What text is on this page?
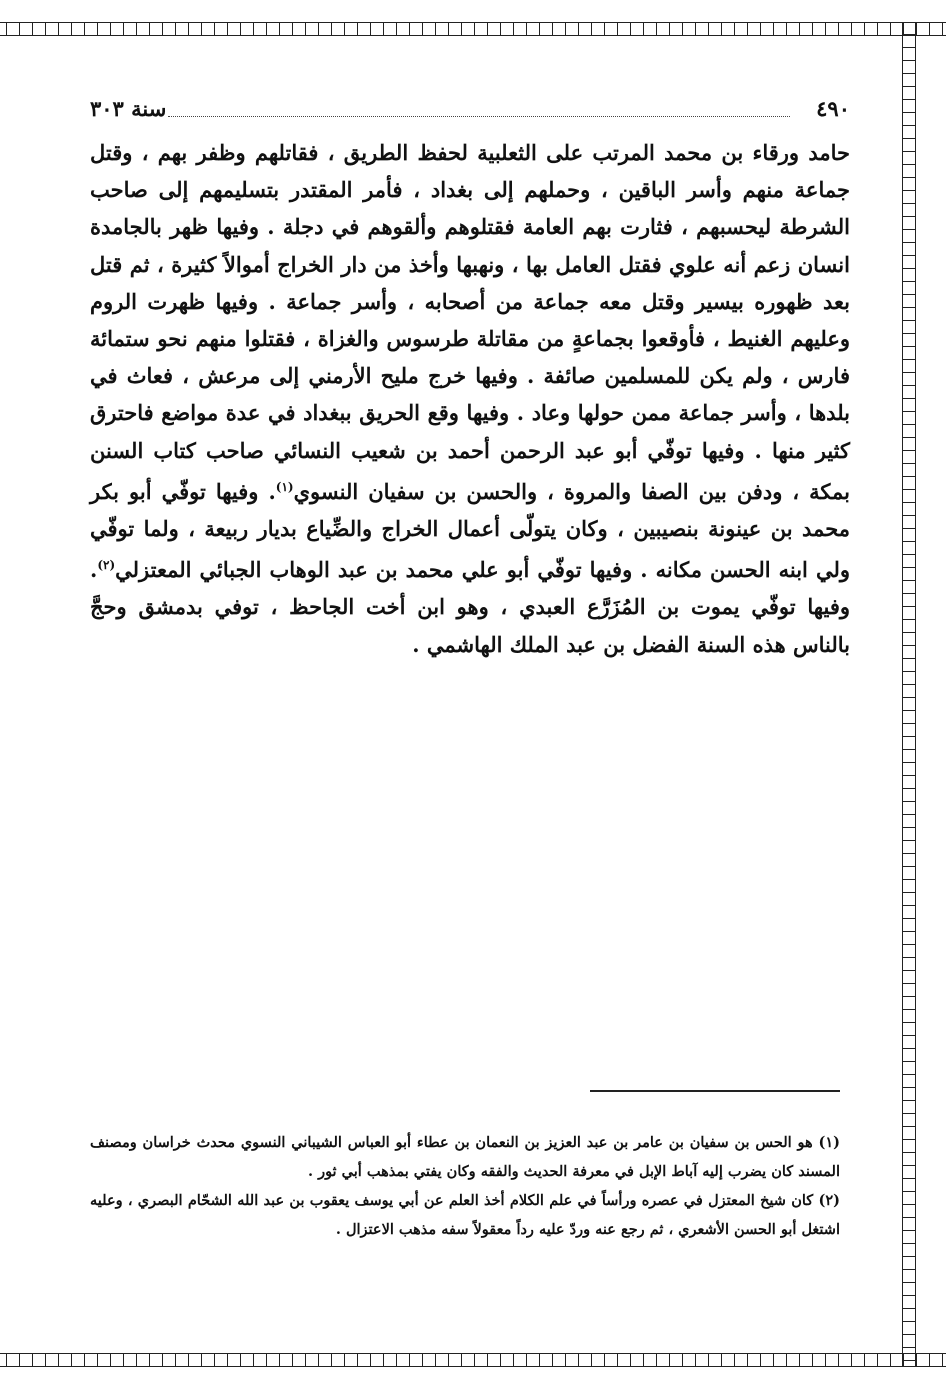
٤٩٠
سنة ٣٠٣

حامد ورقاء بن محمد المرتب على الثعلبية لحفظ الطريق ، فقاتلهم وظفر بهم ، وقتل جماعة منهم وأسر الباقين ، وحملهم إلى بغداد ، فأمر المقتدر بتسليمهم إلى صاحب الشرطة ليحسبهم ، فثارت بهم العامة فقتلوهم وألقوهم في دجلة . وفيها ظهر بالجامدة انسان زعم أنه علوي فقتل العامل بها ، ونهبها وأخذ من دار الخراج أموالاً كثيرة ، ثم قتل بعد ظهوره بيسير وقتل معه جماعة من أصحابه ، وأسر جماعة . وفيها ظهرت الروم وعليهم الغنيط ، فأوقعوا بجماعةٍ من مقاتلة طرسوس والغزاة ، فقتلوا منهم نحو ستمائة فارس ، ولم يكن للمسلمين صائفة . وفيها خرج مليح الأرمني إلى مرعش ، فعاث في بلدها ، وأسر جماعة ممن حولها وعاد . وفيها وقع الحريق ببغداد في عدة مواضع فاحترق كثير منها . وفيها توفّي أبو عبد الرحمن أحمد بن شعيب النسائي صاحب كتاب السنن بمكة ، ودفن بين الصفا والمروة ، والحسن بن سفيان النسوي$^{(١)}$. وفيها توفّي أبو بكر محمد بن عينونة بنصيبين ، وكان يتولّى أعمال الخراج والضِّياع بديار ربيعة ، ولما توفّي ولي ابنه الحسن مكانه . وفيها توفّي أبو علي محمد بن عبد الوهاب الجبائي المعتزلي$^{(٢)}$. وفيها توفّي يموت بن المُزَرَّع العبدي ، وهو ابن أخت الجاحظ ، توفي بدمشق وحجَّ بالناس هذه السنة الفضل بن عبد الملك الهاشمي .

(١) هو الحس بن سفيان بن عامر بن عبد العزيز بن النعمان بن عطاء أبو العباس الشيباني النسوي محدث خراسان ومصنف المسند كان يضرب إليه آباط الإبل في معرفة الحديث والفقه وكان يفتي بمذهب أبي ثور .

(٢) كان شيخ المعتزل في عصره ورأساً في علم الكلام أخذ العلم عن أبي يوسف يعقوب بن عبد الله الشحّام البصري ، وعليه اشتغل أبو الحسن الأشعري ، ثم رجع عنه وردّ عليه رداً معقولاً سفه مذهب الاعتزال .
